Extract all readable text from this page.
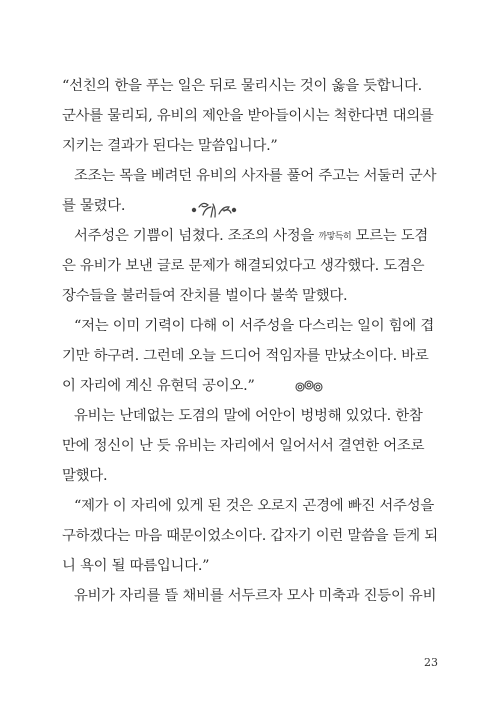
“선친의 한을 푸는 일은 뒤로 물리시는 것이 옳을 듯합니다.
군사를 물리되, 유비의 제안을 받아들이시는 척한다면 대의를
지키는 결과가 된다는 말씀입니다.”
조조는 목을 베려던 유비의 사자를 풀어 주고는 서둘러 군사
를 물렸다.
서주성은 기쁨이 넘쳤다. 조조의 사정을 까맣득히 모르는 도겸
은 유비가 보낸 글로 문제가 해결되었다고 생각했다. 도겸은
장수들을 불러들여 잔치를 벌이다 불쑥 말했다.
“저는 이미 기력이 다해 이 서주성을 다스리는 일이 힘에 겹
기만 하구려. 그런데 오늘 드디어 적임자를 만났소이다. 바로
이 자리에 계신 유현덕 공이오.”
유비는 난데없는 도겸의 말에 어안이 벙벙해 있었다. 한참
만에 정신이 난 듯 유비는 자리에서 일어서서 결연한 어조로
말했다.
“제가 이 자리에 있게 된 것은 오로지 곤경에 빠진 서주성을
구하겠다는 마음 때문이었소이다. 갑자기 이런 말씀을 듣게 되
니 욕이 될 따름입니다.”
유비가 자리를 뜰 채비를 서두르자 모사 미축과 진등이 유비
23
